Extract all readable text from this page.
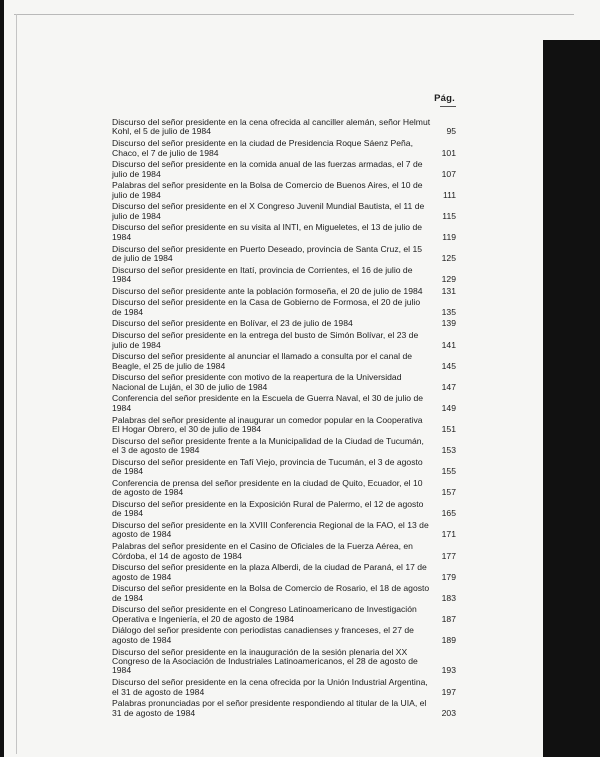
Pág.
Discurso del señor presidente en la cena ofrecida al canciller alemán, señor Helmut Kohl, el 5 de julio de 1984	95
Discurso del señor presidente en la ciudad de Presidencia Roque Sáenz Peña, Chaco, el 7 de julio de 1984	101
Discurso del señor presidente en la comida anual de las fuerzas armadas, el 7 de julio de 1984	107
Palabras del señor presidente en la Bolsa de Comercio de Buenos Aires, el 10 de julio de 1984	111
Discurso del señor presidente en el X Congreso Juvenil Mundial Bautista, el 11 de julio de 1984	115
Discurso del señor presidente en su visita al INTI, en Migueletes, el 13 de julio de 1984	119
Discurso del señor presidente en Puerto Deseado, provincia de Santa Cruz, el 15 de julio de 1984	125
Discurso del señor presidente en Itatí, provincia de Corrientes, el 16 de julio de 1984	129
Discurso del señor presidente ante la población formoseña, el 20 de julio de 1984 131
Discurso del señor presidente en la Casa de Gobierno de Formosa, el 20 de julio de 1984	135
Discurso del señor presidente en Bolívar, el 23 de julio de 1984	139
Discurso del señor presidente en la entrega del busto de Simón Bolívar, el 23 de julio de 1984	141
Discurso del señor presidente al anunciar el llamado a consulta por el canal de Beagle, el 25 de julio de 1984	145
Discurso del señor presidente con motivo de la reapertura de la Universidad Nacional de Luján, el 30 de julio de 1984	147
Conferencia del señor presidente en la Escuela de Guerra Naval, el 30 de julio de 1984	149
Palabras del señor presidente al inaugurar un comedor popular en la Cooperativa El Hogar Obrero, el 30 de julio de 1984	151
Discurso del señor presidente frente a la Municipalidad de la Ciudad de Tucumán, el 3 de agosto de 1984	153
Discurso del señor presidente en Tafí Viejo, provincia de Tucumán, el 3 de agosto de 1984	155
Conferencia de prensa del señor presidente en la ciudad de Quito, Ecuador, el 10 de agosto de 1984	157
Discurso del señor presidente en la Exposición Rural de Palermo, el 12 de agosto de 1984	165
Discurso del señor presidente en la XVIII Conferencia Regional de la FAO, el 13 de agosto de 1984	171
Palabras del señor presidente en el Casino de Oficiales de la Fuerza Aérea, en Córdoba, el 14 de agosto de 1984	177
Discurso del señor presidente en la plaza Alberdi, de la ciudad de Paraná, el 17 de agosto de 1984	179
Discurso del señor presidente en la Bolsa de Comercio de Rosario, el 18 de agosto de 1984	183
Discurso del señor presidente en el Congreso Latinoamericano de Investigación Operativa e Ingeniería, el 20 de agosto de 1984	187
Diálogo del señor presidente con periodistas canadienses y franceses, el 27 de agosto de 1984	189
Discurso del señor presidente en la inauguración de la sesión plenaria del XX Congreso de la Asociación de Industriales Latinoamericanos, el 28 de agosto de 1984	193
Discurso del señor presidente en la cena ofrecida por la Unión Industrial Argentina, el 31 de agosto de 1984	197
Palabras pronunciadas por el señor presidente respondiendo al titular de la UIA, el 31 de agosto de 1984	203
